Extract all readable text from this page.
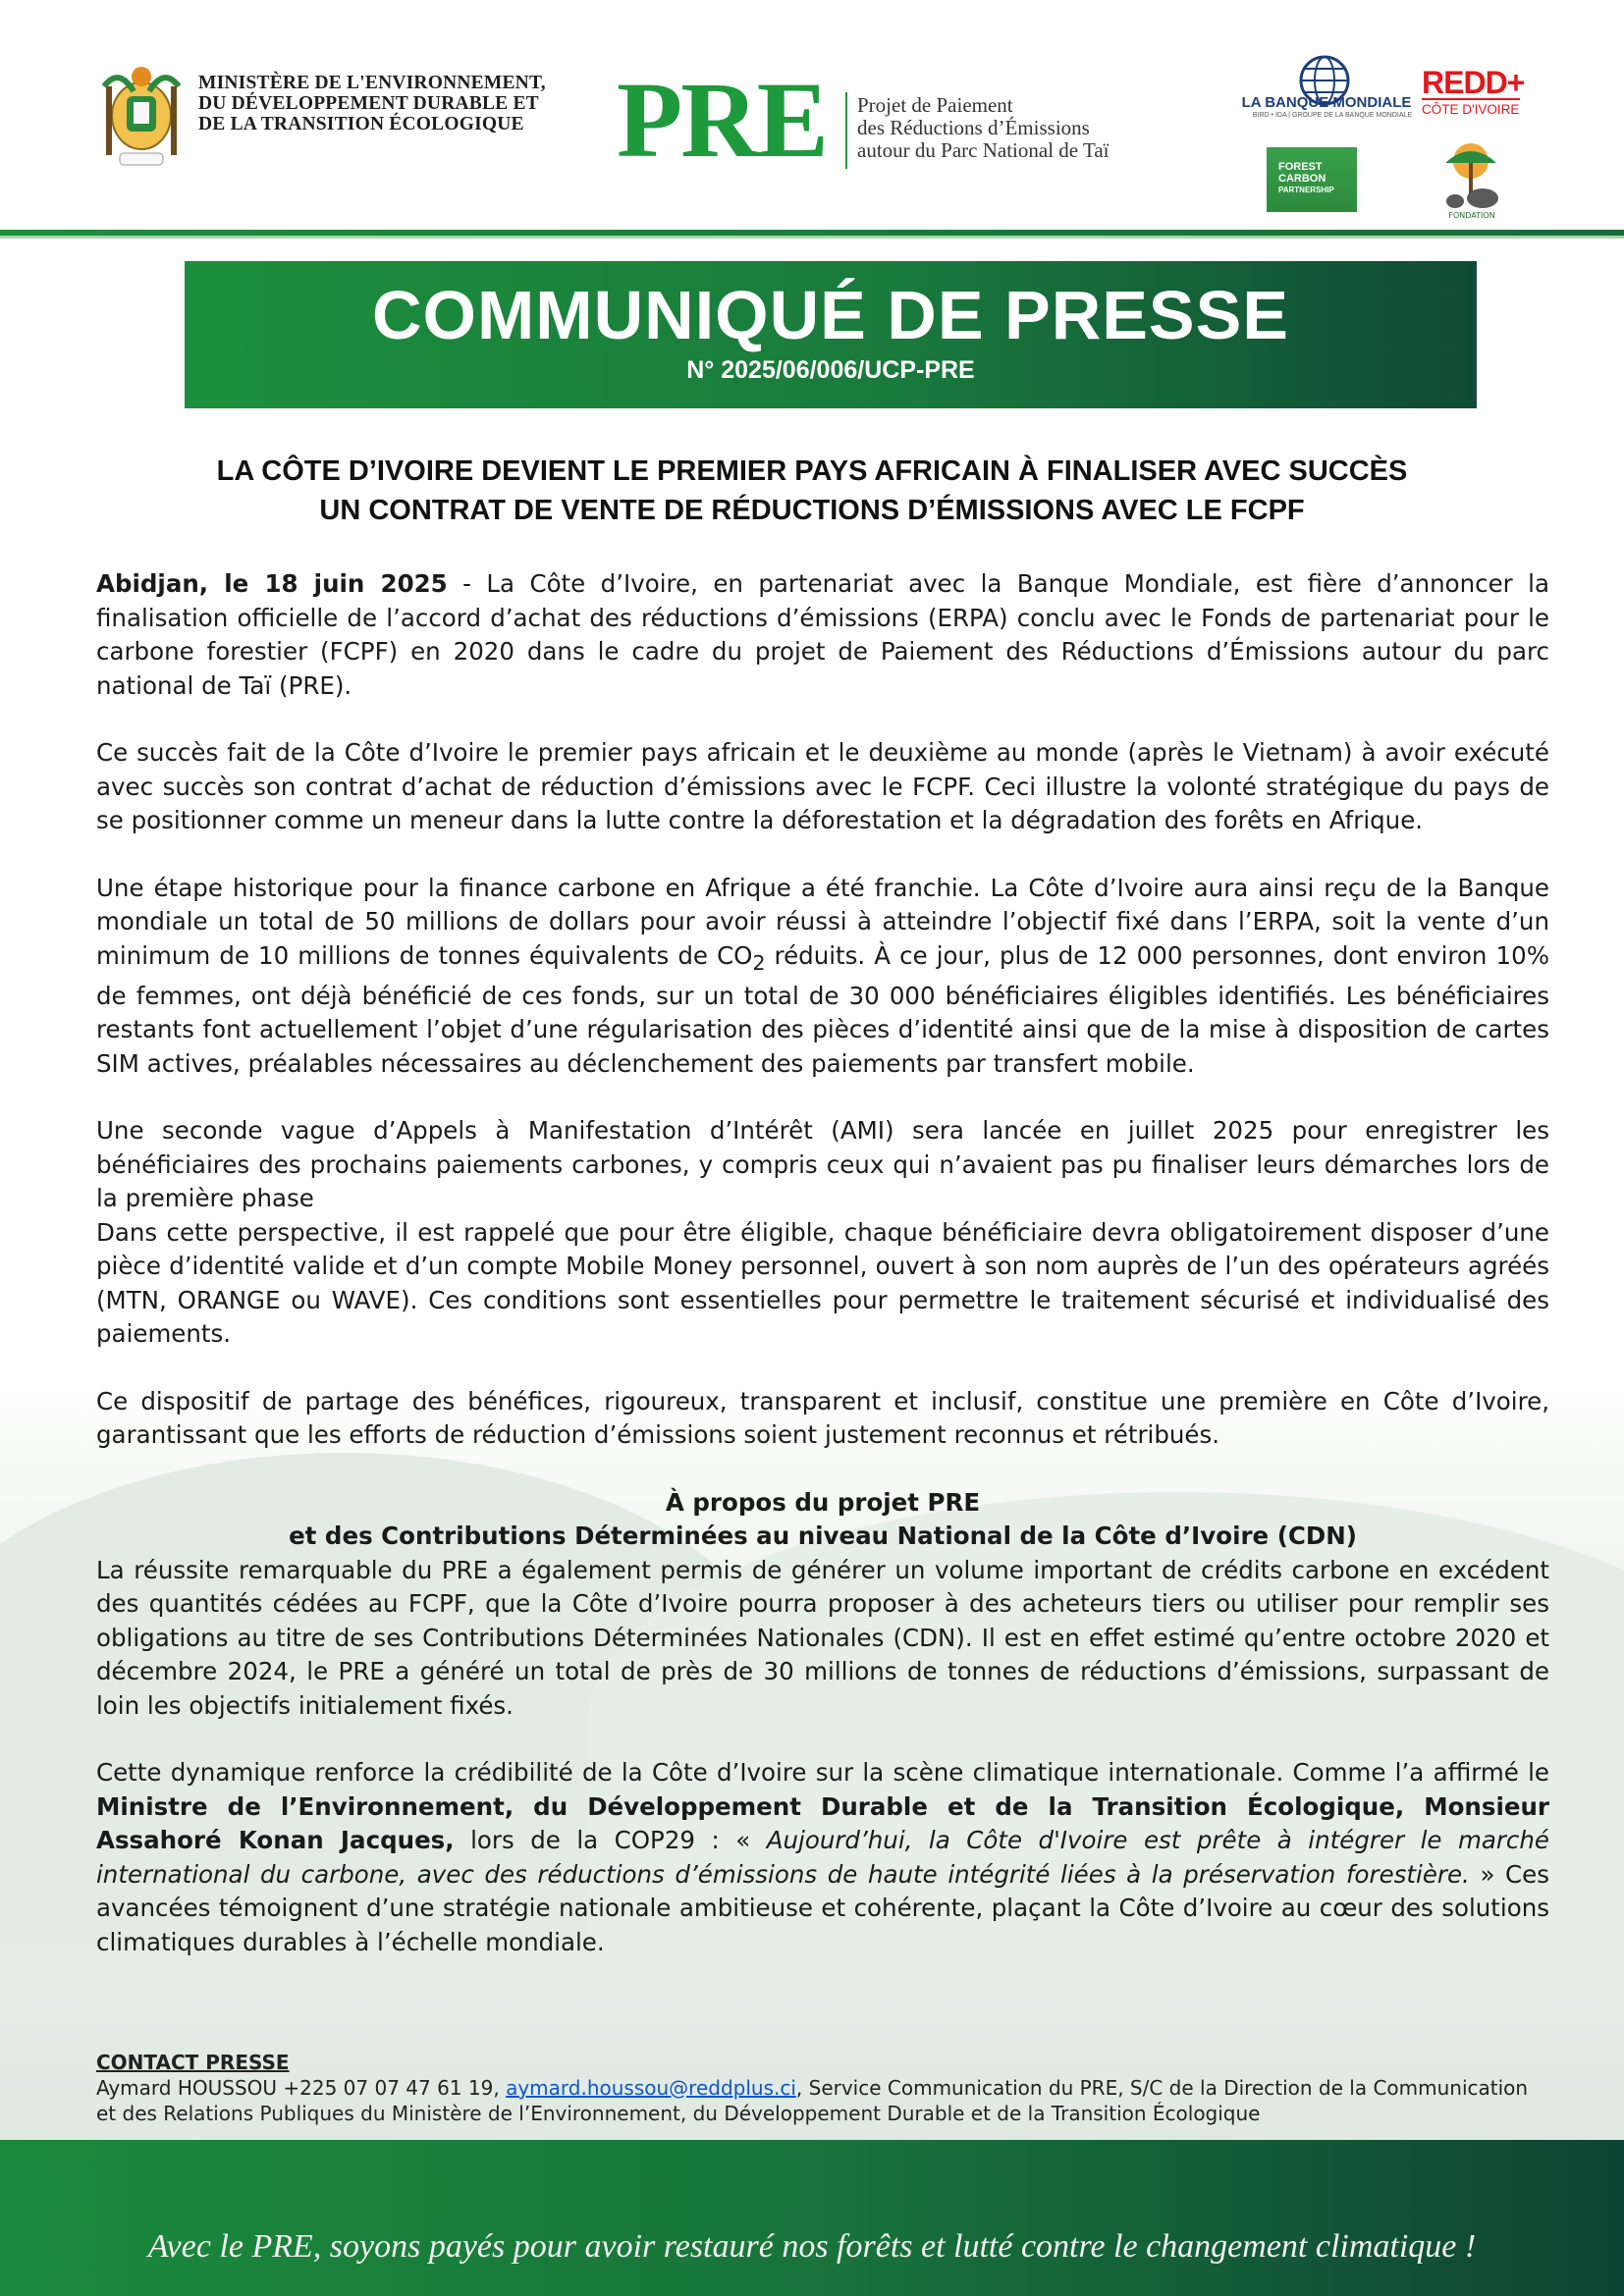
MINISTÈRE DE L'ENVIRONNEMENT,
DU DÉVELOPPEMENT DURABLE ET
DE LA TRANSITION ÉCOLOGIQUE PRE Projet de Paiement
des Réductions d’Émissions
autour du Parc National de Taï
LA BANQUE MONDIALE
BIRD • IDA | GROUPE DE LA BANQUE MONDIALE
REDD+
CÔTE D'IVOIRE
FOREST
CARBON
PARTNERSHIP
FONDATION
COMMUNIQUÉ DE PRESSE
N° 2025/06/006/UCP-PRE
LA CÔTE D’IVOIRE DEVIENT LE PREMIER PAYS AFRICAIN À FINALISER AVEC SUCCÈS
UN CONTRAT DE VENTE DE RÉDUCTIONS D’ÉMISSIONS AVEC LE FCPF

Abidjan, le 18 juin 2025 - La Côte d’Ivoire, en partenariat avec la Banque Mondiale, est fière d’annoncer la finalisation officielle de l’accord d’achat des réductions d’émissions (ERPA) conclu avec le Fonds de partenariat pour le carbone forestier (FCPF) en 2020 dans le cadre du projet de Paiement des Réductions d’Émissions autour du parc national de Taï (PRE).

Ce succès fait de la Côte d’Ivoire le premier pays africain et le deuxième au monde (après le Vietnam) à avoir exécuté avec succès son contrat d’achat de réduction d’émissions avec le FCPF. Ceci illustre la volonté stratégique du pays de se positionner comme un meneur dans la lutte contre la déforestation et la dégradation des forêts en Afrique.

Une étape historique pour la finance carbone en Afrique a été franchie. La Côte d’Ivoire aura ainsi reçu de la Banque mondiale un total de 50 millions de dollars pour avoir réussi à atteindre l’objectif fixé dans l’ERPA, soit la vente d’un minimum de 10 millions de tonnes équivalents de $CO_2$ réduits. À ce jour, plus de 12 000 personnes, dont environ 10% de femmes, ont déjà bénéficié de ces fonds, sur un total de 30 000 bénéficiaires éligibles identifiés. Les bénéficiaires restants font actuellement l’objet d’une régularisation des pièces d’identité ainsi que de la mise à disposition de cartes SIM actives, préalables nécessaires au déclenchement des paiements par transfert mobile.

Une seconde vague d’Appels à Manifestation d’Intérêt (AMI) sera lancée en juillet 2025 pour enregistrer les bénéficiaires des prochains paiements carbones, y compris ceux qui n’avaient pas pu finaliser leurs démarches lors de la première phase

Dans cette perspective, il est rappelé que pour être éligible, chaque bénéficiaire devra obligatoirement disposer d’une pièce d’identité valide et d’un compte Mobile Money personnel, ouvert à son nom auprès de l’un des opérateurs agréés (MTN, ORANGE ou WAVE). Ces conditions sont essentielles pour permettre le traitement sécurisé et individualisé des paiements.

Ce dispositif de partage des bénéfices, rigoureux, transparent et inclusif, constitue une première en Côte d’Ivoire, garantissant que les efforts de réduction d’émissions soient justement reconnus et rétribués.

À propos du projet PRE
et des Contributions Déterminées au niveau National de la Côte d’Ivoire (CDN)

La réussite remarquable du PRE a également permis de générer un volume important de crédits carbone en excédent des quantités cédées au FCPF, que la Côte d’Ivoire pourra proposer à des acheteurs tiers ou utiliser pour remplir ses obligations au titre de ses Contributions Déterminées Nationales (CDN). Il est en effet estimé qu’entre octobre 2020 et décembre 2024, le PRE a généré un total de près de 30 millions de tonnes de réductions d’émissions, surpassant de loin les objectifs initialement fixés.

Cette dynamique renforce la crédibilité de la Côte d’Ivoire sur la scène climatique internationale. Comme l’a affirmé le Ministre de l’Environnement, du Développement Durable et de la Transition Écologique, Monsieur Assahoré Konan Jacques, lors de la COP29 : « Aujourd’hui, la Côte d'Ivoire est prête à intégrer le marché international du carbone, avec des réductions d’émissions de haute intégrité liées à la préservation forestière. » Ces avancées témoignent d’une stratégie nationale ambitieuse et cohérente, plaçant la Côte d’Ivoire au cœur des solutions climatiques durables à l’échelle mondiale.

CONTACT PRESSE
Aymard HOUSSOU +225 07 07 47 61 19, aymard.houssou@reddplus.ci, Service Communication du PRE, S/C de la Direction de la Communication et des Relations Publiques du Ministère de l’Environnement, du Développement Durable et de la Transition Écologique
Avec le PRE, soyons payés pour avoir restauré nos forêts et lutté contre le changement climatique !
